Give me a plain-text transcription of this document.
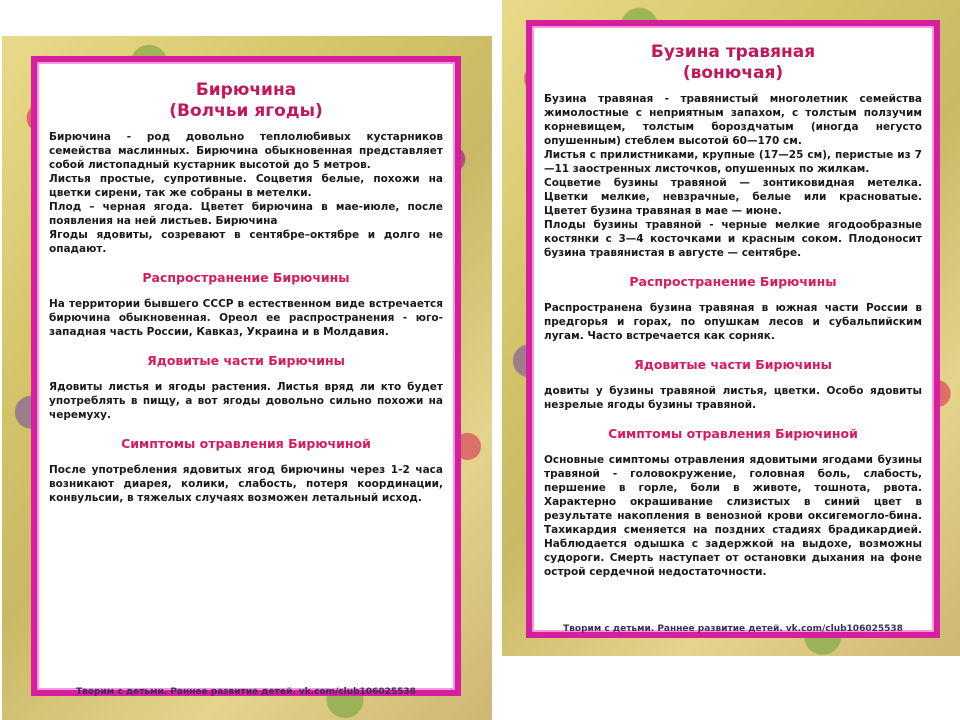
Бирючина
(Волчьи ягоды)

Бирючина - род довольно теплолюбивых кустарников семейства маслинных. Бирючина обыкновенная представляет собой листопадный кустарник высотой до 5 метров.

Листья простые, супротивные. Соцветия белые, похожи на цветки сирени, так же собраны в метелки.

Плод – черная ягода. Цветет бирючина в мае-июле, после появления на ней листьев. Бирючина

Ягоды ядовиты, созревают в сентябре–октябре и долго не опадают.

Распространение Бирючины

На территории бывшего СССР в естественном виде встречается бирючина обыкновенная. Ореол ее распространения - юго-западная часть России, Кавказ, Украина и в Молдавия.

Ядовитые части Бирючины

Ядовиты листья и ягоды растения. Листья вряд ли кто будет употреблять в пищу, а вот ягоды довольно сильно похожи на черемуху.

Симптомы отравления Бирючиной

После употребления ядовитых ягод бирючины через 1-2 часа возникают диарея, колики, слабость, потеря координации, конвульсии, в тяжелых случаях возможен летальный исход.

Творим с детьми. Раннее развитие детей. vk.com/club106025538
Бузина травяная
(вонючая)

Бузина травяная - травянистый многолетник семейства жимолостные с неприятным запахом, с толстым ползучим корневищем, толстым бороздчатым (иногда негусто опушенным) стеблем высотой 60—170 см.

Листья с прилистниками, крупные (17—25 см), перистые из 7—11 заостренных листочков, опушенных по жилкам.

Соцветие бузины травяной — зонтиковидная метелка. Цветки мелкие, невзрачные, белые или красноватые. Цветет бузина травяная в мае — июне.

Плоды бузины травяной - черные мелкие ягодообразные костянки с 3—4 косточками и красным соком. Плодоносит бузина травянистая в августе — сентябре.

Распространение Бирючины

Распространена бузина травяная в южная части России в предгорья и горах, по опушкам лесов и субальпийским лугам. Часто встречается как сорняк.

Ядовитые части Бирючины

довиты у бузины травяной листья, цветки. Особо ядовиты незрелые ягоды бузины травяной.

Симптомы отравления Бирючиной

Основные симптомы отравления ядовитыми ягодами бузины травяной - головокружение, головная боль, слабость, першение в горле, боли в животе, тошнота, рвота. Характерно окрашивание слизистых в синий цвет в результате накопления в венозной крови оксигемогло-бина. Тахикардия сменяется на поздних стадиях брадикардией. Наблюдается одышка с задержкой на выдохе, возможны судороги. Смерть наступает от остановки дыхания на фоне острой сердечной недостаточности.

Творим с детьми. Раннее развитие детей. vk.com/club106025538
